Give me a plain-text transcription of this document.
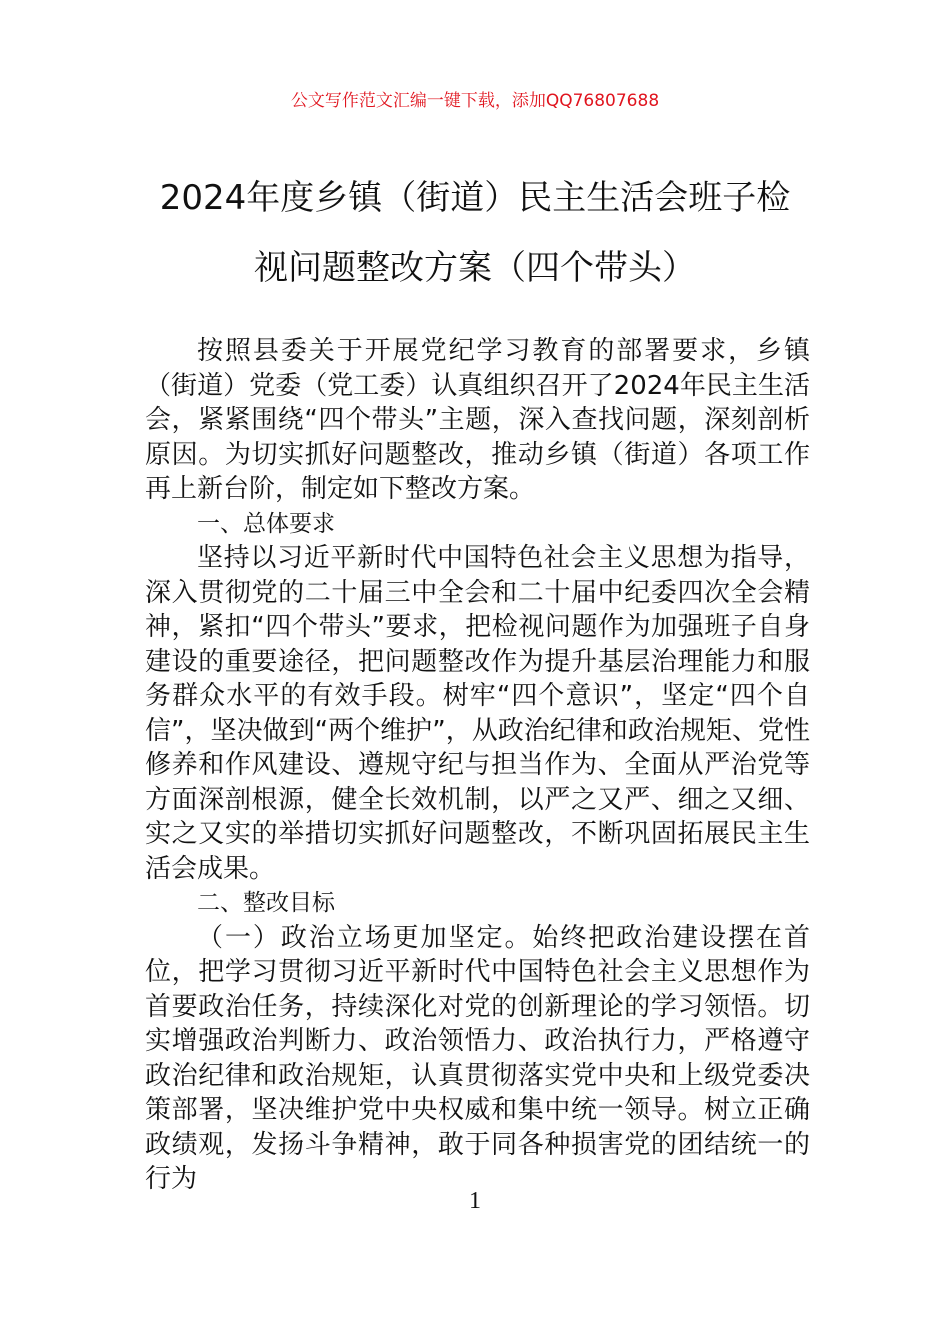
公文写作范文汇编一键下载，添加QQ76807688
2024年度乡镇（街道）民主生活会班子检
视问题整改方案（四个带头）

按照县委关于开展党纪学习教育的部署要求，乡镇（街道）党委（党工委）认真组织召开了2024年民主生活会，紧紧围绕“四个带头”主题，深入查找问题，深刻剖析原因。为切实抓好问题整改，推动乡镇（街道）各项工作再上新台阶，制定如下整改方案。

一、总体要求

坚持以习近平新时代中国特色社会主义思想为指导，深入贯彻党的二十届三中全会和二十届中纪委四次全会精神，紧扣“四个带头”要求，把检视问题作为加强班子自身建设的重要途径，把问题整改作为提升基层治理能力和服务群众水平的有效手段。树牢“四个意识”，坚定“四个自信”，坚决做到“两个维护”，从政治纪律和政治规矩、党性修养和作风建设、遵规守纪与担当作为、全面从严治党等方面深剖根源，健全长效机制，以严之又严、细之又细、实之又实的举措切实抓好问题整改，不断巩固拓展民主生活会成果。

二、整改目标

（一）政治立场更加坚定。始终把政治建设摆在首位，把学习贯彻习近平新时代中国特色社会主义思想作为首要政治任务，持续深化对党的创新理论的学习领悟。切实增强政治判断力、政治领悟力、政治执行力，严格遵守政治纪律和政治规矩，认真贯彻落实党中央和上级党委决策部署，坚决维护党中央权威和集中统一领导。树立正确政绩观，发扬斗争精神，敢于同各种损害党的团结统一的行为

1
